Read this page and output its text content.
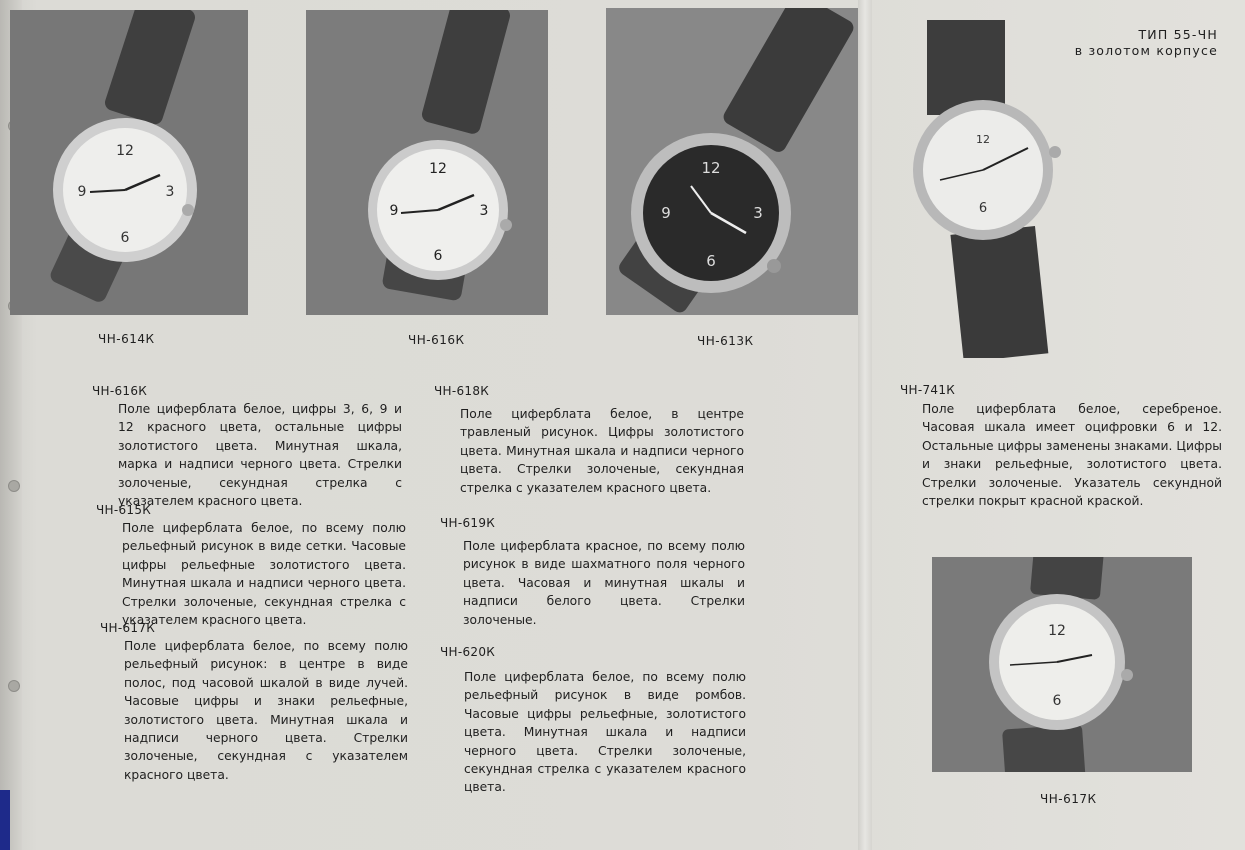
12
3
6
9
12
3
6
9
12
3
6
9
12
6
12
6
ЧН-614К	ЧН-616К	ЧН-613К
ЧН-617К
ТИП 55-ЧН
в золотом корпусе
ЧН-616К
Поле циферблата белое, цифры 3, 6, 9 и 12 красного цвета, остальные цифры золотистого цвета. Минутная шкала, марка и надписи черного цвета. Стрелки золоченые, секундная стрелка с указателем красного цвета.
ЧН-615К
Поле циферблата белое, по всему полю рельефный рисунок в виде сетки. Часовые цифры рельефные золотистого цвета. Минутная шкала и надписи черного цвета. Стрелки золоченые, секундная стрелка с указателем красного цвета.
ЧН-617К
Поле циферблата белое, по всему полю рельефный рисунок: в центре в виде полос, под часовой шкалой в виде лучей. Часовые цифры и знаки рельефные, золотистого цвета. Минутная шкала и надписи черного цвета. Стрелки золоченые, секундная с указателем красного цвета.
ЧН-618К
Поле циферблата белое, в центре травленый рисунок. Цифры золотистого цвета. Минутная шкала и надписи черного цвета. Стрелки золоченые, секундная стрелка с указателем красного цвета.
ЧН-619К
Поле циферблата красное, по всему полю рисунок в виде шахматного поля черного цвета. Часовая и минутная шкалы и надписи белого цвета. Стрелки золоченые.
ЧН-620К
Поле циферблата белое, по всему полю рельефный рисунок в виде ромбов. Часовые цифры рельефные, золотистого цвета. Минутная шкала и надписи черного цвета. Стрелки золоченые, секундная стрелка с указателем красного цвета.
ЧН-741К
Поле циферблата белое, серебреное. Часовая шкала имеет оцифровки 6 и 12. Остальные цифры заменены знаками. Цифры и знаки рельефные, золотистого цвета. Стрелки золоченые. Указатель секундной стрелки покрыт красной краской.
